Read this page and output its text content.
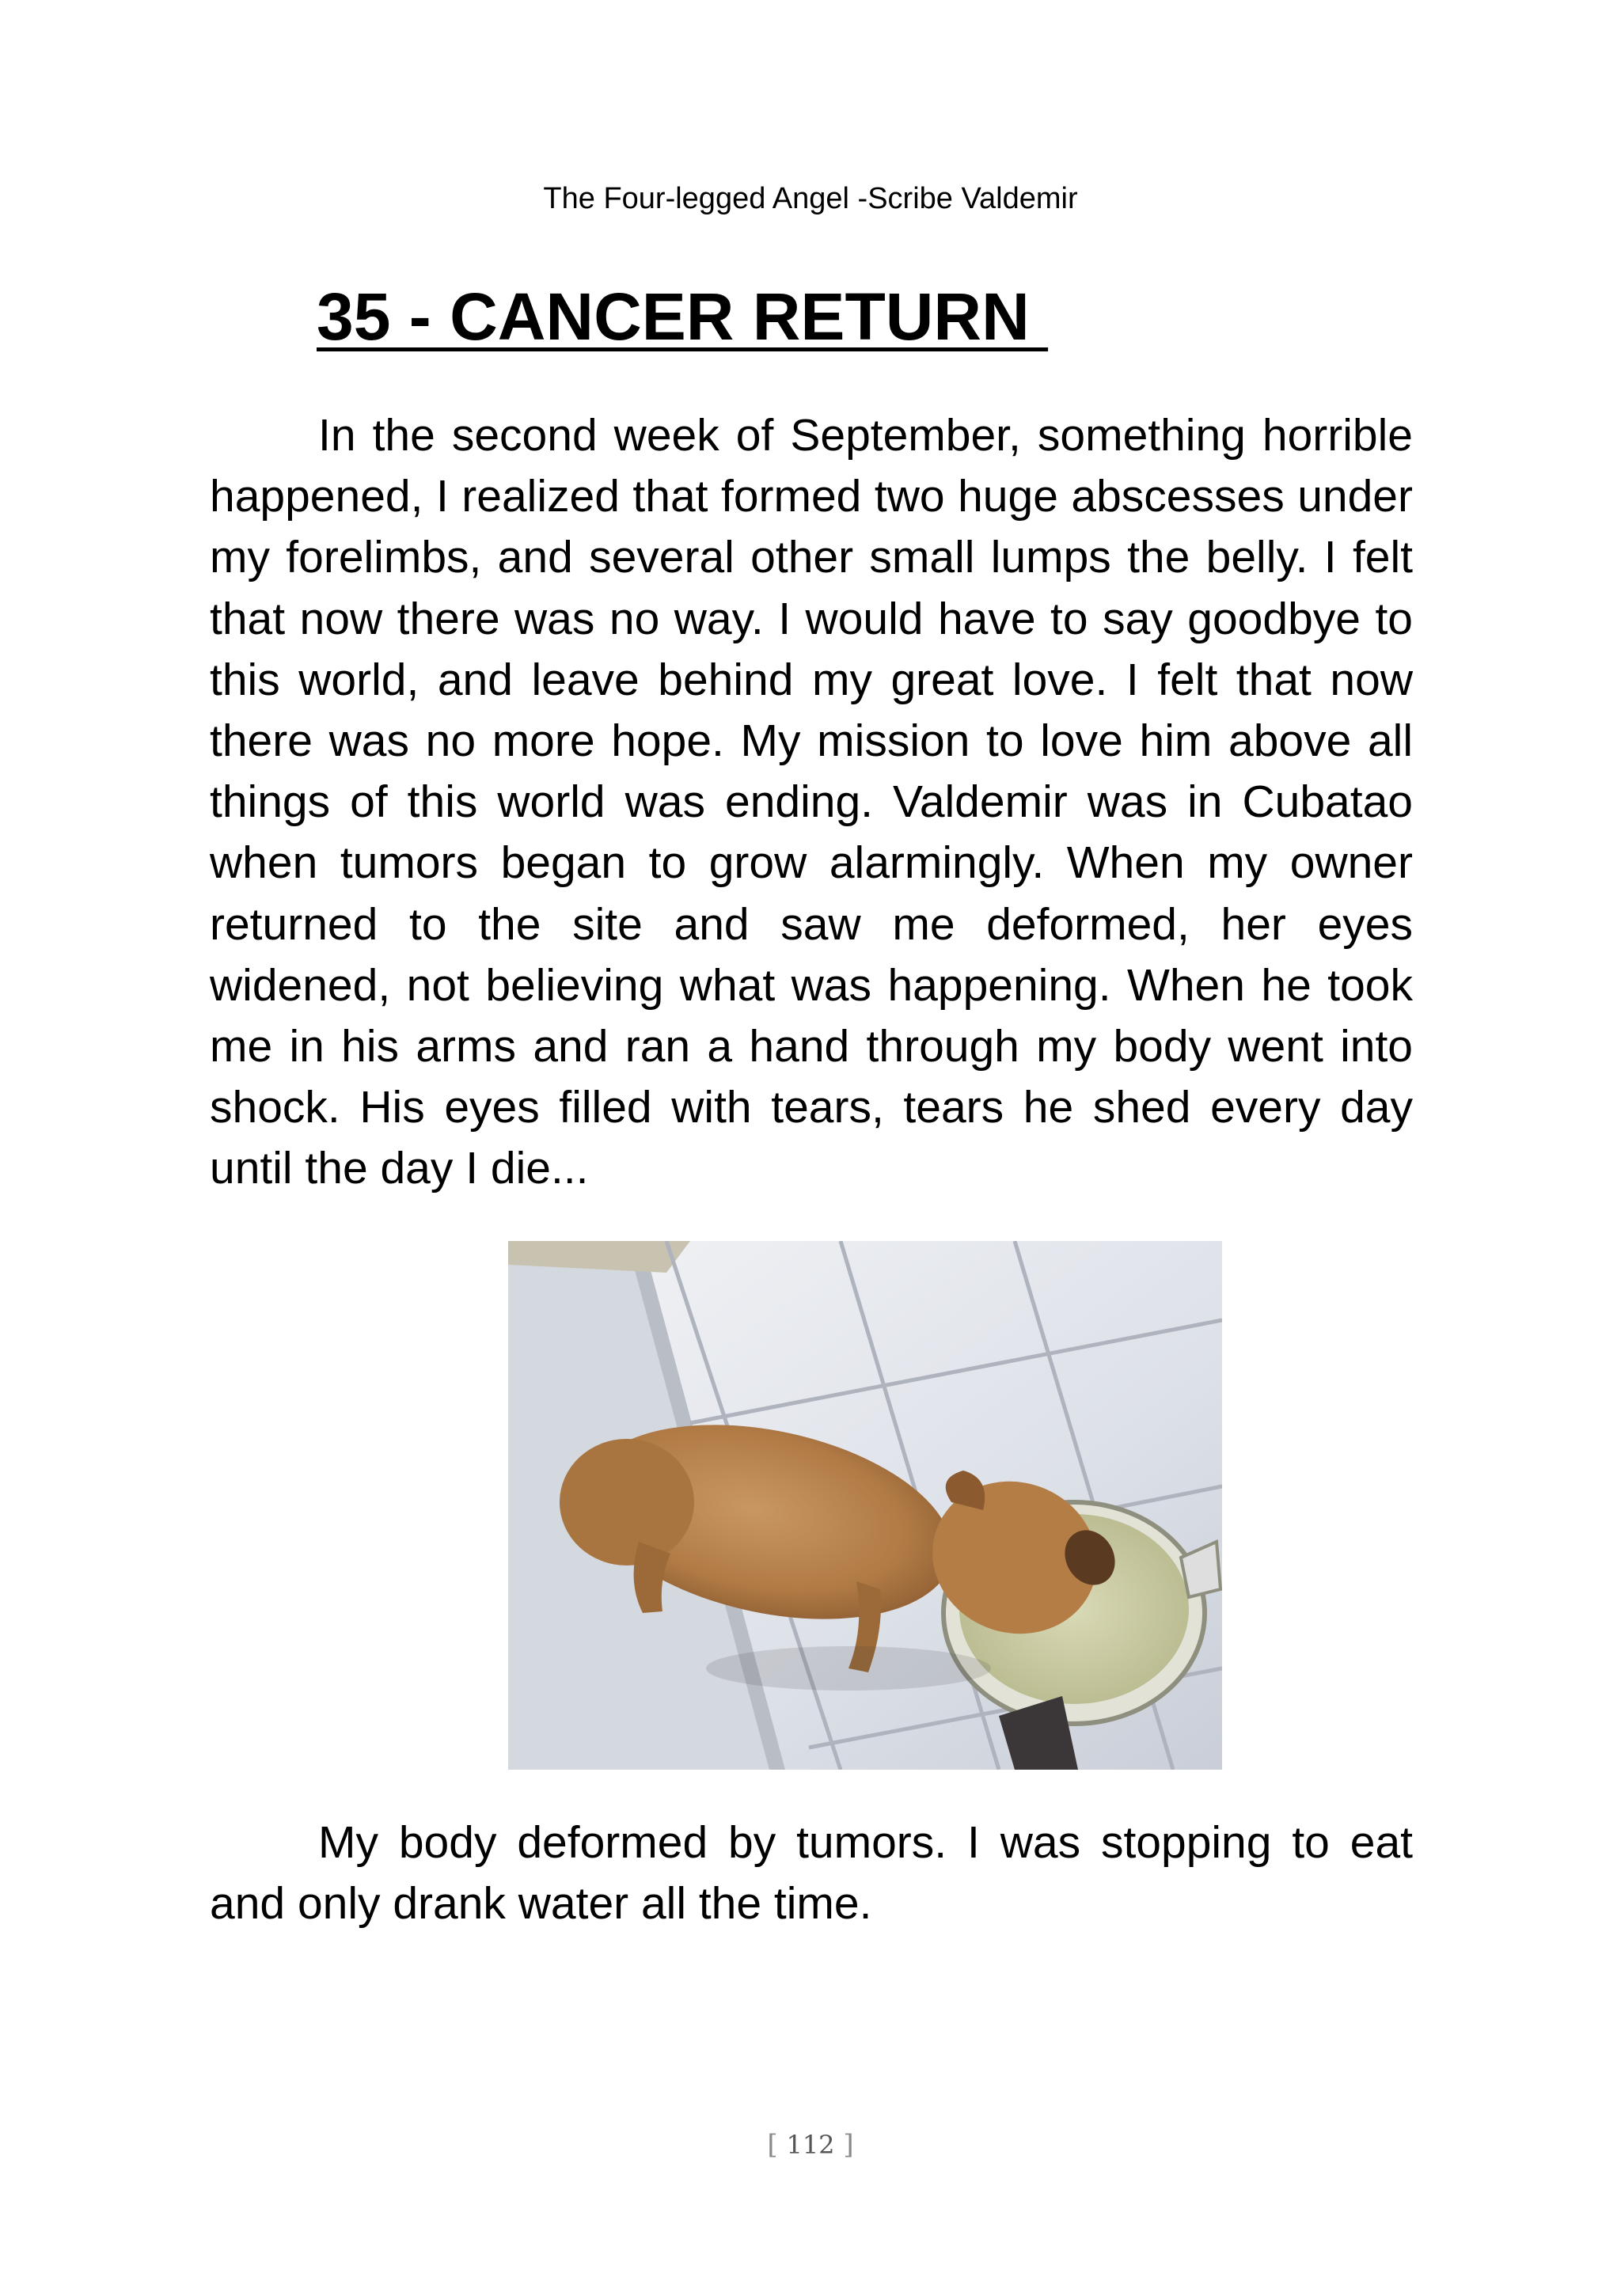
The Four-legged Angel -Scribe Valdemir
35 - CANCER RETURN

In the second week of September, something horrible happened, I realized that formed two huge abscesses under my forelimbs, and several other small lumps the belly. I felt that now there was no way. I would have to say goodbye to this world, and leave behind my great love. I felt that now there was no more hope. My mission to love him above all things of this world was ending. Valdemir was in Cubatao when tumors began to grow alarmingly. When my owner returned to the site and saw me deformed, her eyes widened, not believing what was happening. When he took me in his arms and ran a hand through my body went into shock. His eyes filled with tears, tears he shed every day until the day I die...

My body deformed by tumors. I was stopping to eat and only drank water all the time.

[ 112 ]
